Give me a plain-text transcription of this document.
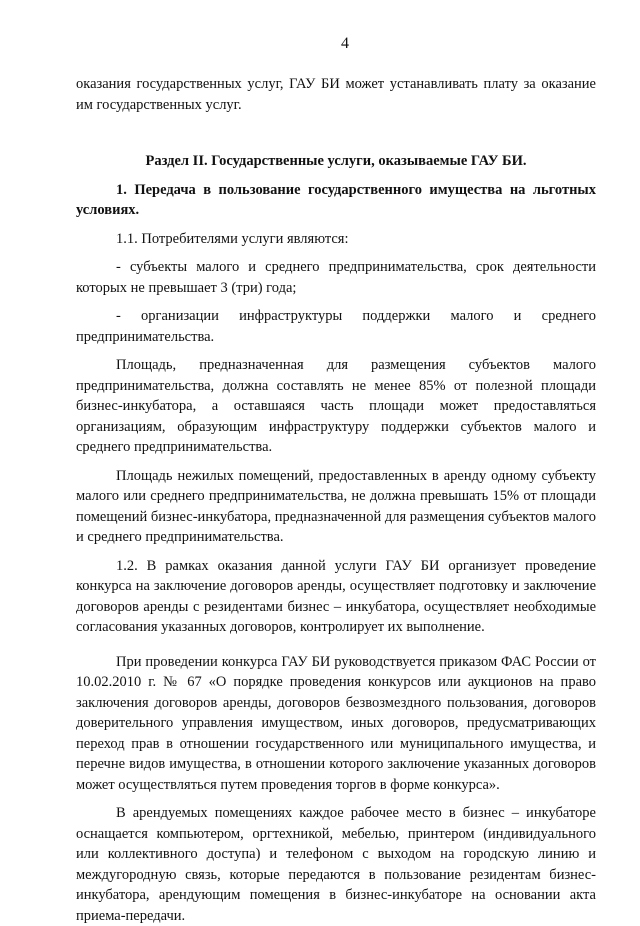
4

оказания государственных услуг, ГАУ БИ может устанавливать плату за оказание им государственных услуг.

Раздел II. Государственные услуги, оказываемые ГАУ БИ.

1. Передача в пользование государственного имущества на льготных условиях.

1.1. Потребителями услуги являются:

- субъекты малого и среднего предпринимательства, срок деятельности которых не превышает 3 (три) года;

- организации инфраструктуры поддержки малого и среднего предпринимательства.

Площадь, предназначенная для размещения субъектов малого предпринимательства, должна составлять не менее 85% от полезной площади бизнес-инкубатора, а оставшаяся часть площади может предоставляться организациям, образующим инфраструктуру поддержки субъектов малого и среднего предпринимательства.

Площадь нежилых помещений, предоставленных в аренду одному субъекту малого или среднего предпринимательства, не должна превышать 15% от площади помещений бизнес-инкубатора, предназначенной для размещения субъектов малого и среднего предпринимательства.

1.2. В рамках оказания данной услуги ГАУ БИ организует проведение конкурса на заключение договоров аренды, осуществляет подготовку и заключение договоров аренды с резидентами бизнес – инкубатора, осуществляет необходимые согласования указанных договоров, контролирует их выполнение.

При проведении конкурса ГАУ БИ руководствуется приказом ФАС России от 10.02.2010 г. № 67 «О порядке проведения конкурсов или аукционов на право заключения договоров аренды, договоров безвозмездного пользования, договоров доверительного управления имуществом, иных договоров, предусматривающих переход прав в отношении государственного или муниципального имущества, и перечне видов имущества, в отношении которого заключение указанных договоров может осуществляться путем проведения торгов в форме конкурса».

В арендуемых помещениях каждое рабочее место в бизнес – инкубаторе оснащается компьютером, оргтехникой, мебелью, принтером (индивидуального или коллективного доступа) и телефоном с выходом на городскую линию и междугородную связь, которые передаются в пользование резидентам бизнес-инкубатора, арендующим помещения в бизнес-инкубаторе на основании акта приема-передачи.
